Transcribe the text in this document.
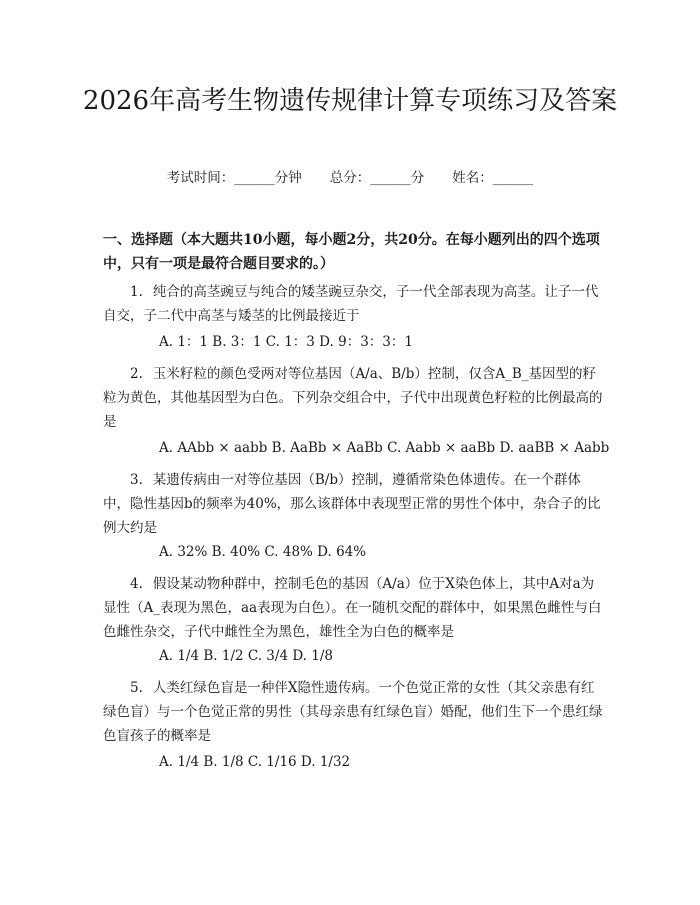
2026年高考生物遗传规律计算专项练习及答案
考试时间：______分钟 总分：______分 姓名：______

一、选择题（本大题共10小题，每小题2分，共20分。在每小题列出的四个选项中，只有一项是最符合题目要求的。）

1. 纯合的高茎豌豆与纯合的矮茎豌豆杂交，子一代全部表现为高茎。让子一代自交，子二代中高茎与矮茎的比例最接近于

A. 1：1 B. 3：1 C. 1：3 D. 9：3：3：1

2. 玉米籽粒的颜色受两对等位基因（A/a、B/b）控制，仅含A_B_基因型的籽粒为黄色，其他基因型为白色。下列杂交组合中，子代中出现黄色籽粒的比例最高的是

A. AAbb × aabb B. AaBb × AaBb C. Aabb × aaBb D. aaBB × Aabb

3. 某遗传病由一对等位基因（B/b）控制，遵循常染色体遗传。在一个群体中，隐性基因b的频率为40%，那么该群体中表现型正常的男性个体中，杂合子的比例大约是

A. 32% B. 40% C. 48% D. 64%

4. 假设某动物种群中，控制毛色的基因（A/a）位于X染色体上，其中A对a为显性（A_表现为黑色，aa表现为白色）。在一随机交配的群体中，如果黑色雌性与白色雌性杂交，子代中雌性全为黑色，雄性全为白色的概率是

A. 1/4 B. 1/2 C. 3/4 D. 1/8

5. 人类红绿色盲是一种伴X隐性遗传病。一个色觉正常的女性（其父亲患有红绿色盲）与一个色觉正常的男性（其母亲患有红绿色盲）婚配，他们生下一个患红绿色盲孩子的概率是

A. 1/4 B. 1/8 C. 1/16 D. 1/32
